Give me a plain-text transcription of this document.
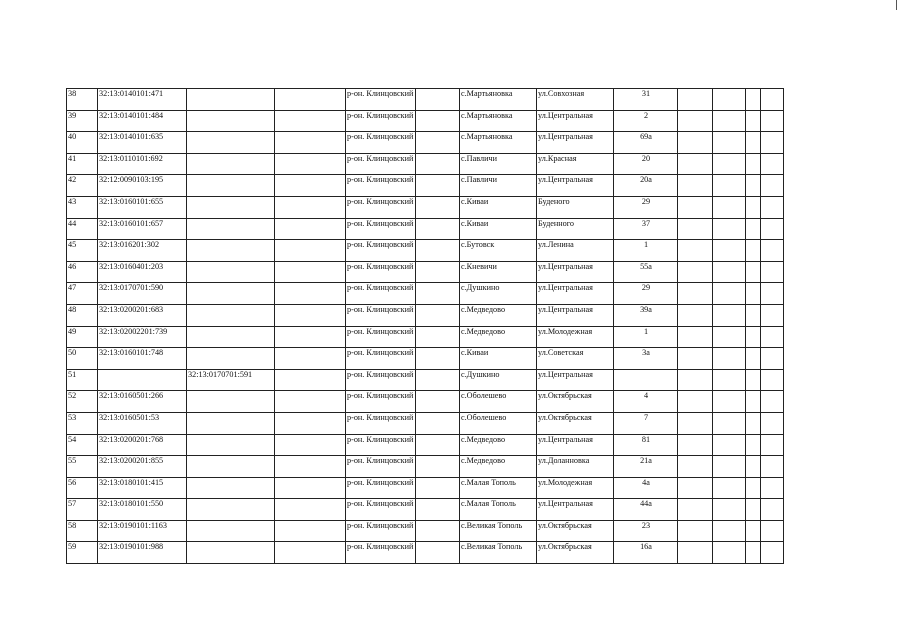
38	32:13:0140101:471			р-он. Клинцовский		с.Мартьяновка	ул.Совхозная	31				
39	32:13:0140101:484			р-он. Клинцовский		с.Мартьяновка	ул.Центральная	2				
40	32:13:0140101:635			р-он. Клинцовский		с.Мартьяновка	ул.Центральная	69а				
41	32:13:0110101:692			р-он. Клинцовский		с.Павличи	ул.Красная	20				
42	32:12:0090103:195			р-он. Клинцовский		с.Павличи	ул.Центральная	20а				
43	32:13:0160101:655			р-он. Клинцовский		с.Киваи	Буденого	29				
44	32:13:0160101:657			р-он. Клинцовский		с.Киваи	Буденного	37				
45	32:13:016201:302			р-он. Клинцовский		с.Бутовск	ул.Ленина	1				
46	32:13:0160401:203			р-он. Клинцовский		с.Кневичи	ул.Центральная	55а				
47	32:13:0170701:590			р-он. Клинцовский		с.Душкино	ул.Центральная	29				
48	32:13:0200201:683			р-он. Клинцовский		с.Медведово	ул.Центральная	39а				
49	32:13:02002201:739			р-он. Клинцовский		с.Медведово	ул.Молодежная	1				
50	32:13:0160101:748			р-он. Клинцовский		с.Киваи	ул.Советская	3а				
51		32:13:0170701:591		р-он. Клинцовский		с.Душкино	ул.Центральная					
52	32:13:0160501:266			р-он. Клинцовский		с.Оболешево	ул.Октябрьская	4				
53	32:13:0160501:53			р-он. Клинцовский		с.Оболешево	ул.Октябрьская	7				
54	32:13:0200201:768			р-он. Клинцовский		с.Медведово	ул.Центральная	81				
55	32:13:0200201:855			р-он. Клинцовский		с.Медведово	ул.Доланновка	21а				
56	32:13:0180101:415			р-он. Клинцовский		с.Малая Тополь	ул.Молодежная	4а				
57	32:13:0180101:550			р-он. Клинцовский		с.Малая Тополь	ул.Центральная	44а				
58	32:13:0190101:1163			р-он. Клинцовский		с.Великая Тополь	ул.Октябрьская	23				
59	32:13:0190101:988			р-он. Клинцовский		с.Великая Тополь	ул.Октябрьская	16а				
